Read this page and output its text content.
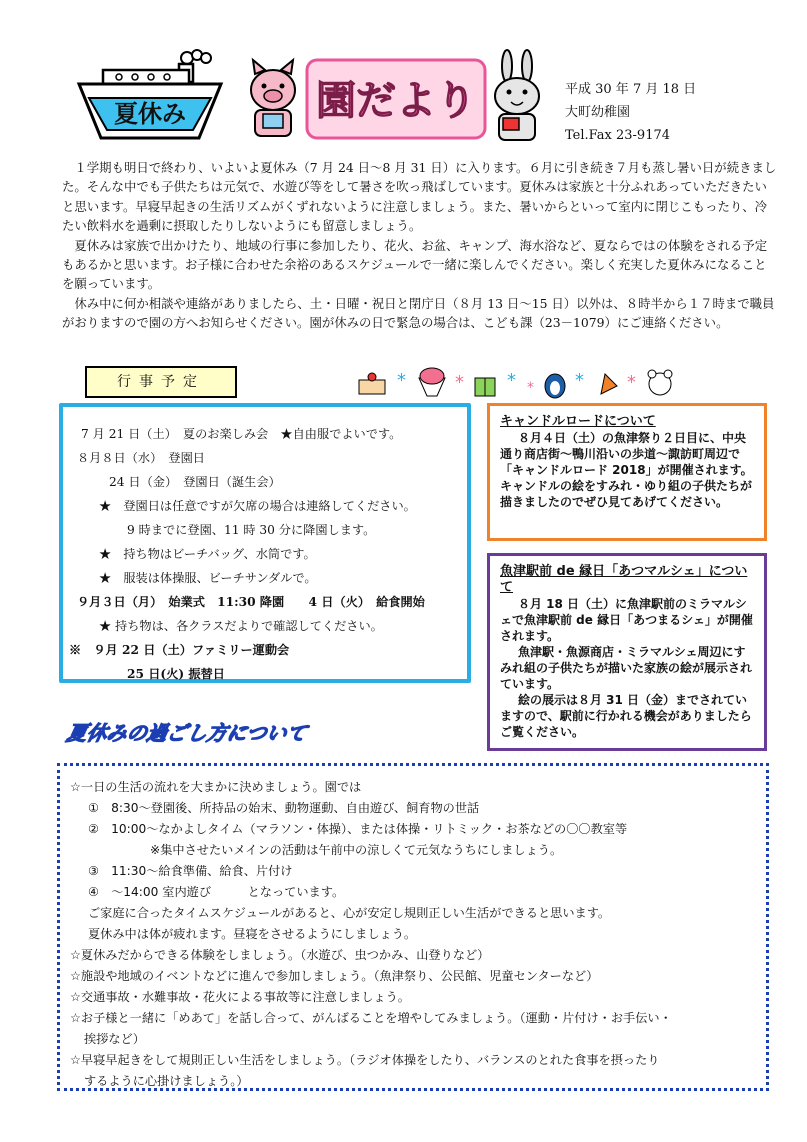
夏休み	園だより	平成 30 年 7 月 18 日
大町幼稚園
Tel.Fax 23-9174

１学期も明日で終わり、いよいよ夏休み（7 月 24 日～8 月 31 日）に入ります。６月に引き続き７月も蒸し暑い日が続きました。そんな中でも子供たちは元気で、水遊び等をして暑さを吹っ飛ばしています。夏休みは家族と十分ふれあっていただきたいと思います。早寝早起きの生活リズムがくずれないように注意しましょう。また、暑いからといって室内に閉じこもったり、冷たい飲料水を過剰に摂取したりしないようにも留意しましょう。

夏休みは家族で出かけたり、地域の行事に参加したり、花火、お盆、キャンプ、海水浴など、夏ならではの体験をされる予定もあるかと思います。お子様に合わせた余裕のあるスケジュールで一緒に楽しんでください。楽しく充実した夏休みになることを願っています。

休み中に何か相談や連絡がありましたら、土・日曜・祝日と閉庁日（８月 13 日～15 日）以外は、８時半から１７時まで職員がおりますので園の方へお知らせください。園が休みの日で緊急の場合は、こども課（23－1079）にご連絡ください。

行事予定	*	* * * * *
7 月 21 日（土）　夏のお楽しみ会　★自由服でよいです。
８月８日（水）　登園日
24 日（金）　登園日（誕生会）
★　登園日は任意ですが欠席の場合は連絡してください。
9 時までに登園、11 時 30 分に降園します。
★　持ち物はビーチバッグ、水筒です。
★　服装は体操服、ビーチサンダルで。
９月３日（月）　始業式　11:30 降園　　4 日（火）　給食開始
★ 持ち物は、各クラスだよりで確認してください。
※　９月 22 日（土）ファミリー運動会
25 日(火) 振替日
キャンドルロードについて
８月４日（土）の魚津祭り２日目に、中央通り商店街～鴨川沿いの歩道～諏訪町周辺で「キャンドルロード 2018」が開催されます。キャンドルの絵をすみれ・ゆり組の子供たちが描きましたのでぜひ見てあげてください。
魚津駅前 de 縁日「あつマルシェ」について
８月 18 日（土）に魚津駅前のミラマルシェで魚津駅前 de 縁日「あつまるシェ」が開催されます。
魚津駅・魚源商店・ミラマルシェ周辺にすみれ組の子供たちが描いた家族の絵が展示されています。
絵の展示は８月 31 日（金）までされていますので、駅前に行かれる機会がありましたらご覧ください。
夏休みの過ごし方について
☆一日の生活の流れを大まかに決めましょう。園では
①　8:30～登園後、所持品の始末、動物運動、自由遊び、飼育物の世話
②　10:00～なかよしタイム（マラソン・体操）、または体操・リトミック・お茶などの〇〇教室等
※集中させたいメインの活動は午前中の涼しくて元気なうちにしましょう。
③　11:30～給食準備、給食、片付け
④　～14:00 室内遊び　　　となっています。
ご家庭に合ったタイムスケジュールがあると、心が安定し規則正しい生活ができると思います。
夏休み中は体が疲れます。昼寝をさせるようにしましょう。
☆夏休みだからできる体験をしましょう。（水遊び、虫つかみ、山登りなど）
☆施設や地域のイベントなどに進んで参加しましょう。（魚津祭り、公民館、児童センターなど）
☆交通事故・水難事故・花火による事故等に注意しましょう。
☆お子様と一緒に「めあて」を話し合って、がんばることを増やしてみましょう。（運動・片付け・お手伝い・
挨拶など）
☆早寝早起きをして規則正しい生活をしましょう。（ラジオ体操をしたり、バランスのとれた食事を摂ったり
するように心掛けましょう。）
